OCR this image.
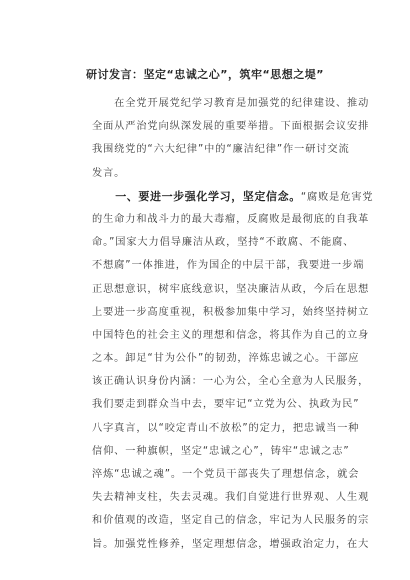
研讨发言：坚定“忠诚之心”，筑牢“思想之堤”
　　在全党开展党纪学习教育是加强党的纪律建设、推动
全面从严治党向纵深发展的重要举措。下面根据会议安排
我围绕党的“六大纪律”中的“廉洁纪律”作一研讨交流
发言。
　　一、要进一步强化学习，坚定信念。“腐败是危害党
的生命力和战斗力的最大毒瘤，反腐败是最彻底的自我革
命。”国家大力倡导廉洁从政，坚持“不敢腐、不能腐、
不想腐”一体推进，作为国企的中层干部，我要进一步端
正思想意识，树牢底线意识，坚决廉洁从政，今后在思想
上要进一步高度重视，积极参加集中学习，始终坚持树立
中国特色的社会主义的理想和信念，将其作为自己的立身
之本。卸足“甘为公仆”的韧劲，淬炼忠诚之心。干部应
该正确认识身份内涵：一心为公，全心全意为人民服务，
我们要走到群众当中去，要牢记“立党为公、执政为民”
八字真言，以“咬定青山不放松”的定力，把忠诚当一种
信仰、一种旗帜，坚定“忠诚之心”，铸牢“忠诚之志”
淬炼“忠诚之魂”。一个党员干部丧失了理想信念，就会
失去精神支柱，失去灵魂。我们自觉进行世界观、人生观
和价值观的改造，坚定自己的信念，牢记为人民服务的宗
旨。加强党性修养，坚定理想信念，增强政治定力，在大
